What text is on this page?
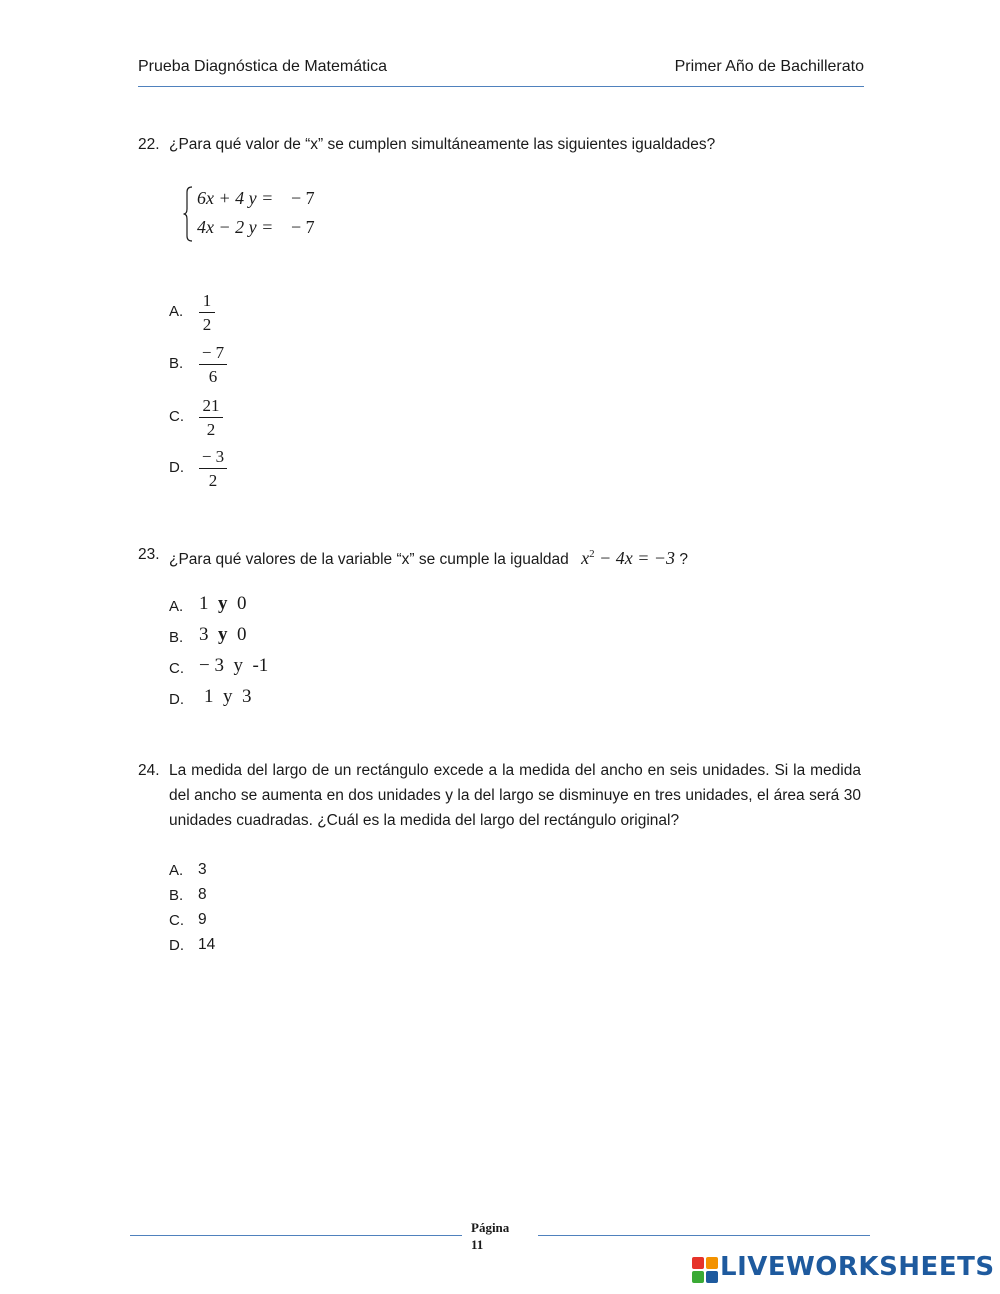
Prueba Diagnóstica de Matemática	Primer Año de Bachillerato
22. ¿Para qué valor de “x” se cumplen simultáneamente las siguientes igualdades?
6x + 4 y = − 7
4x − 2 y = − 7
A.
1
2
B.
− 7
6
C.
21
2
D.
− 3
2
23. ¿Para qué valores de la variable “x” se cumple la igualdad $x^2 - 4x = -3$ ?
A. 1 y 0
B. 3 y 0
C. − 3 y -1
D. 1 y 3
24. La medida del largo de un rectángulo excede a la medida del ancho en seis unidades. Si la medida del ancho se aumenta en dos unidades y la del largo se disminuye en tres unidades, el área será 30 unidades cuadradas. ¿Cuál es la medida del largo del rectángulo original?
A. 3
B. 8
C. 9
D. 14
Página
11
LIVEWORKSHEETS
